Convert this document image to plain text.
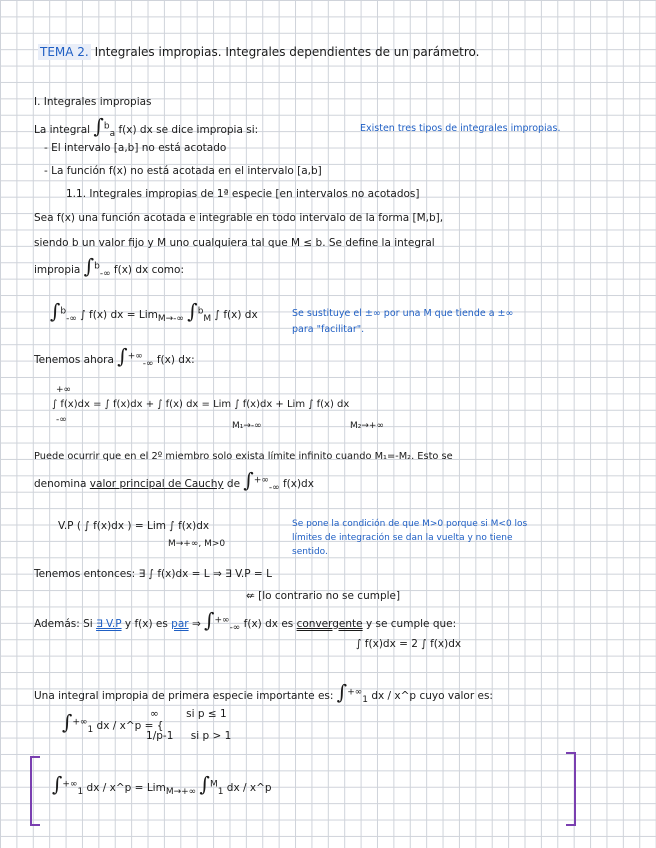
TEMA 2. Integrales impropias. Integrales dependientes de un parámetro.
I. Integrales impropias
La integral ∫$^b_a$ f(x) dx se dice impropia si:	Existen tres tipos de integrales impropias.
- El intervalo [a,b] no está acotado
- La función f(x) no está acotada en el intervalo [a,b]
1.1. Integrales impropias de 1ª especie [en intervalos no acotados]
Sea f(x) una función acotada e integrable en todo intervalo de la forma [M,b],
siendo b un valor fijo y M uno cualquiera tal que M ≤ b. Se define la integral
impropia ∫$^b_{-\infty}$ f(x) dx como:
∫$^b_{-\infty}$ ∫ f(x) dx = Lim$_{M\to-\infty}$ ∫$^b_M$ ∫ f(x) dx	Se sustituye el ±∞ por una M que tiende a ±∞
para "facilitar".
Tenemos ahora $\int^{+\infty}_{-\infty}$ f(x) dx:
∫ f(x)dx = ∫ f(x)dx + ∫ f(x) dx = Lim ∫ f(x)dx + Lim ∫ f(x) dx
+∞
-∞
M₁→-∞	M₂→+∞
Puede ocurrir que en el 2º miembro solo exista límite infinito cuando M₁=-M₂. Esto se
denomina valor principal de Cauchy de $\int^{+\infty}_{-\infty}$ f(x)dx
V.P ( ∫ f(x)dx ) = Lim ∫ f(x)dx
M→+∞, M>0
Se pone la condición de que M>0 porque si M<0 los
límites de integración se dan la vuelta y no tiene
sentido.
Tenemos entonces: ∃ ∫ f(x)dx = L ⇒ ∃ V.P = L
⇍ [lo contrario no se cumple]
Además: Si ∃ V.P y f(x) es par ⇒ $\int^{+\infty}_{-\infty}$ f(x) dx es convergente y se cumple que:
∫ f(x)dx = 2 ∫ f(x)dx
Una integral impropia de primera especie importante es: $\int^{+\infty}_1$ dx / x^p cuyo valor es:
$\int^{+\infty}_1$ dx / x^p = {
∞	si p ≤ 1
1/p-1 si p > 1
$\int^{+\infty}_1$ dx / x^p = Lim$_{M\to+\infty}$ ∫$^M_1$ dx / x^p
